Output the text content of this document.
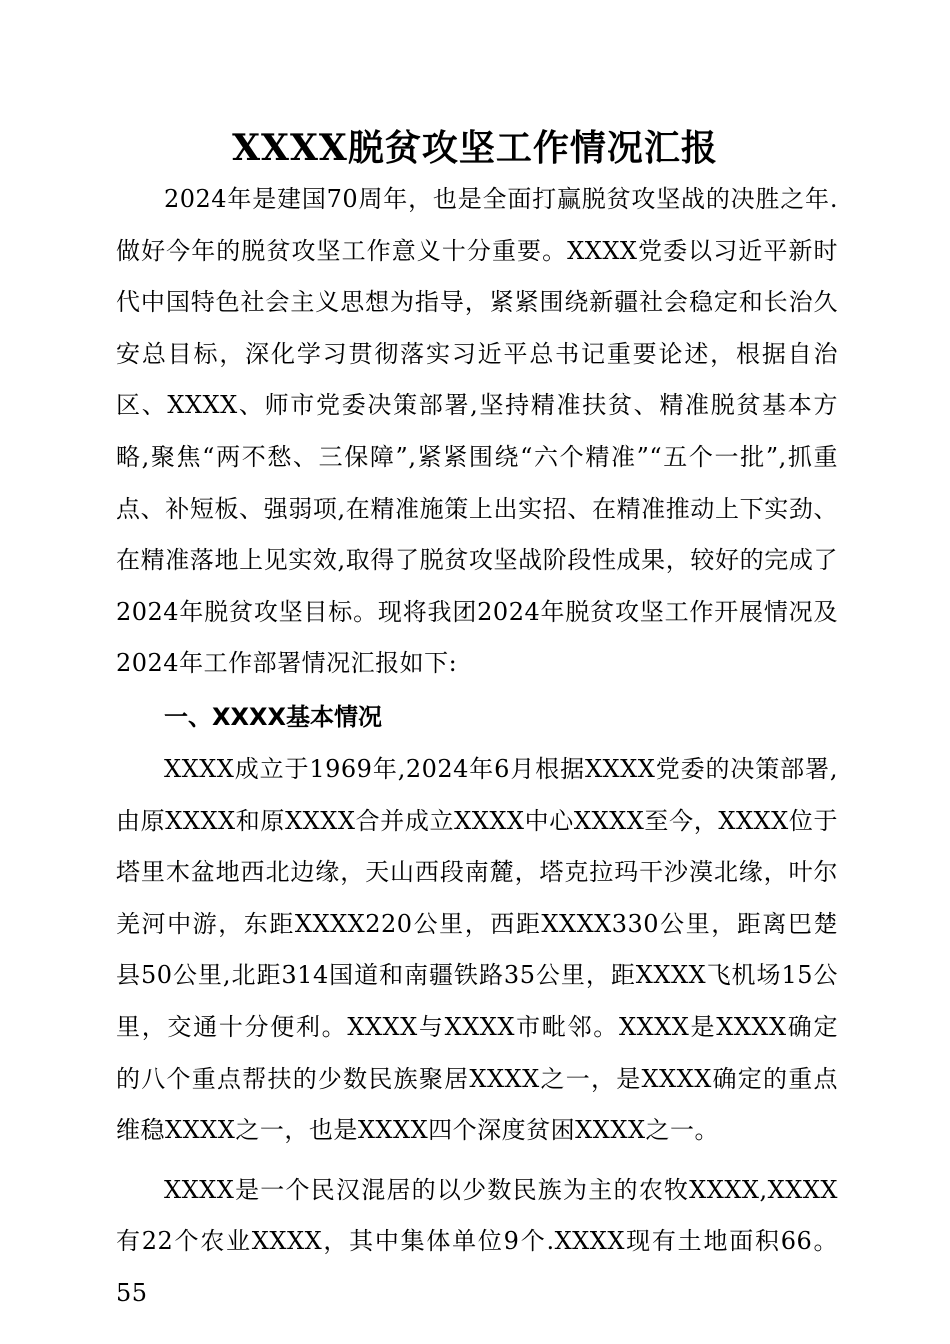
XXXX脱贫攻坚工作情况汇报

2024年是建国70周年，也是全面打赢脱贫攻坚战的决胜之年.做好今年的脱贫攻坚工作意义十分重要。XXXX党委以习近平新时代中国特色社会主义思想为指导，紧紧围绕新疆社会稳定和长治久安总目标，深化学习贯彻落实习近平总书记重要论述，根据自治区、XXXX、师市党委决策部署,坚持精准扶贫、精准脱贫基本方略,聚焦“两不愁、三保障”,紧紧围绕“六个精准”“五个一批”,抓重点、补短板、强弱项,在精准施策上出实招、在精准推动上下实劲、在精准落地上见实效,取得了脱贫攻坚战阶段性成果，较好的完成了2024年脱贫攻坚目标。现将我团2024年脱贫攻坚工作开展情况及2024年工作部署情况汇报如下:

一、XXXX基本情况

XXXX成立于1969年,2024年6月根据XXXX党委的决策部署,由原XXXX和原XXXX合并成立XXXX中心XXXX至今，XXXX位于塔里木盆地西北边缘，天山西段南麓，塔克拉玛干沙漠北缘，叶尔羌河中游，东距XXXX220公里，西距XXXX330公里，距离巴楚县50公里,北距314国道和南疆铁路35公里，距XXXX飞机场15公里，交通十分便利。XXXX与XXXX市毗邻。XXXX是XXXX确定的八个重点帮扶的少数民族聚居XXXX之一，是XXXX确定的重点维稳XXXX之一，也是XXXX四个深度贫困XXXX之一。

XXXX是一个民汉混居的以少数民族为主的农牧XXXX,XXXX有22个农业XXXX，其中集体单位9个.XXXX现有土地面积66。55
